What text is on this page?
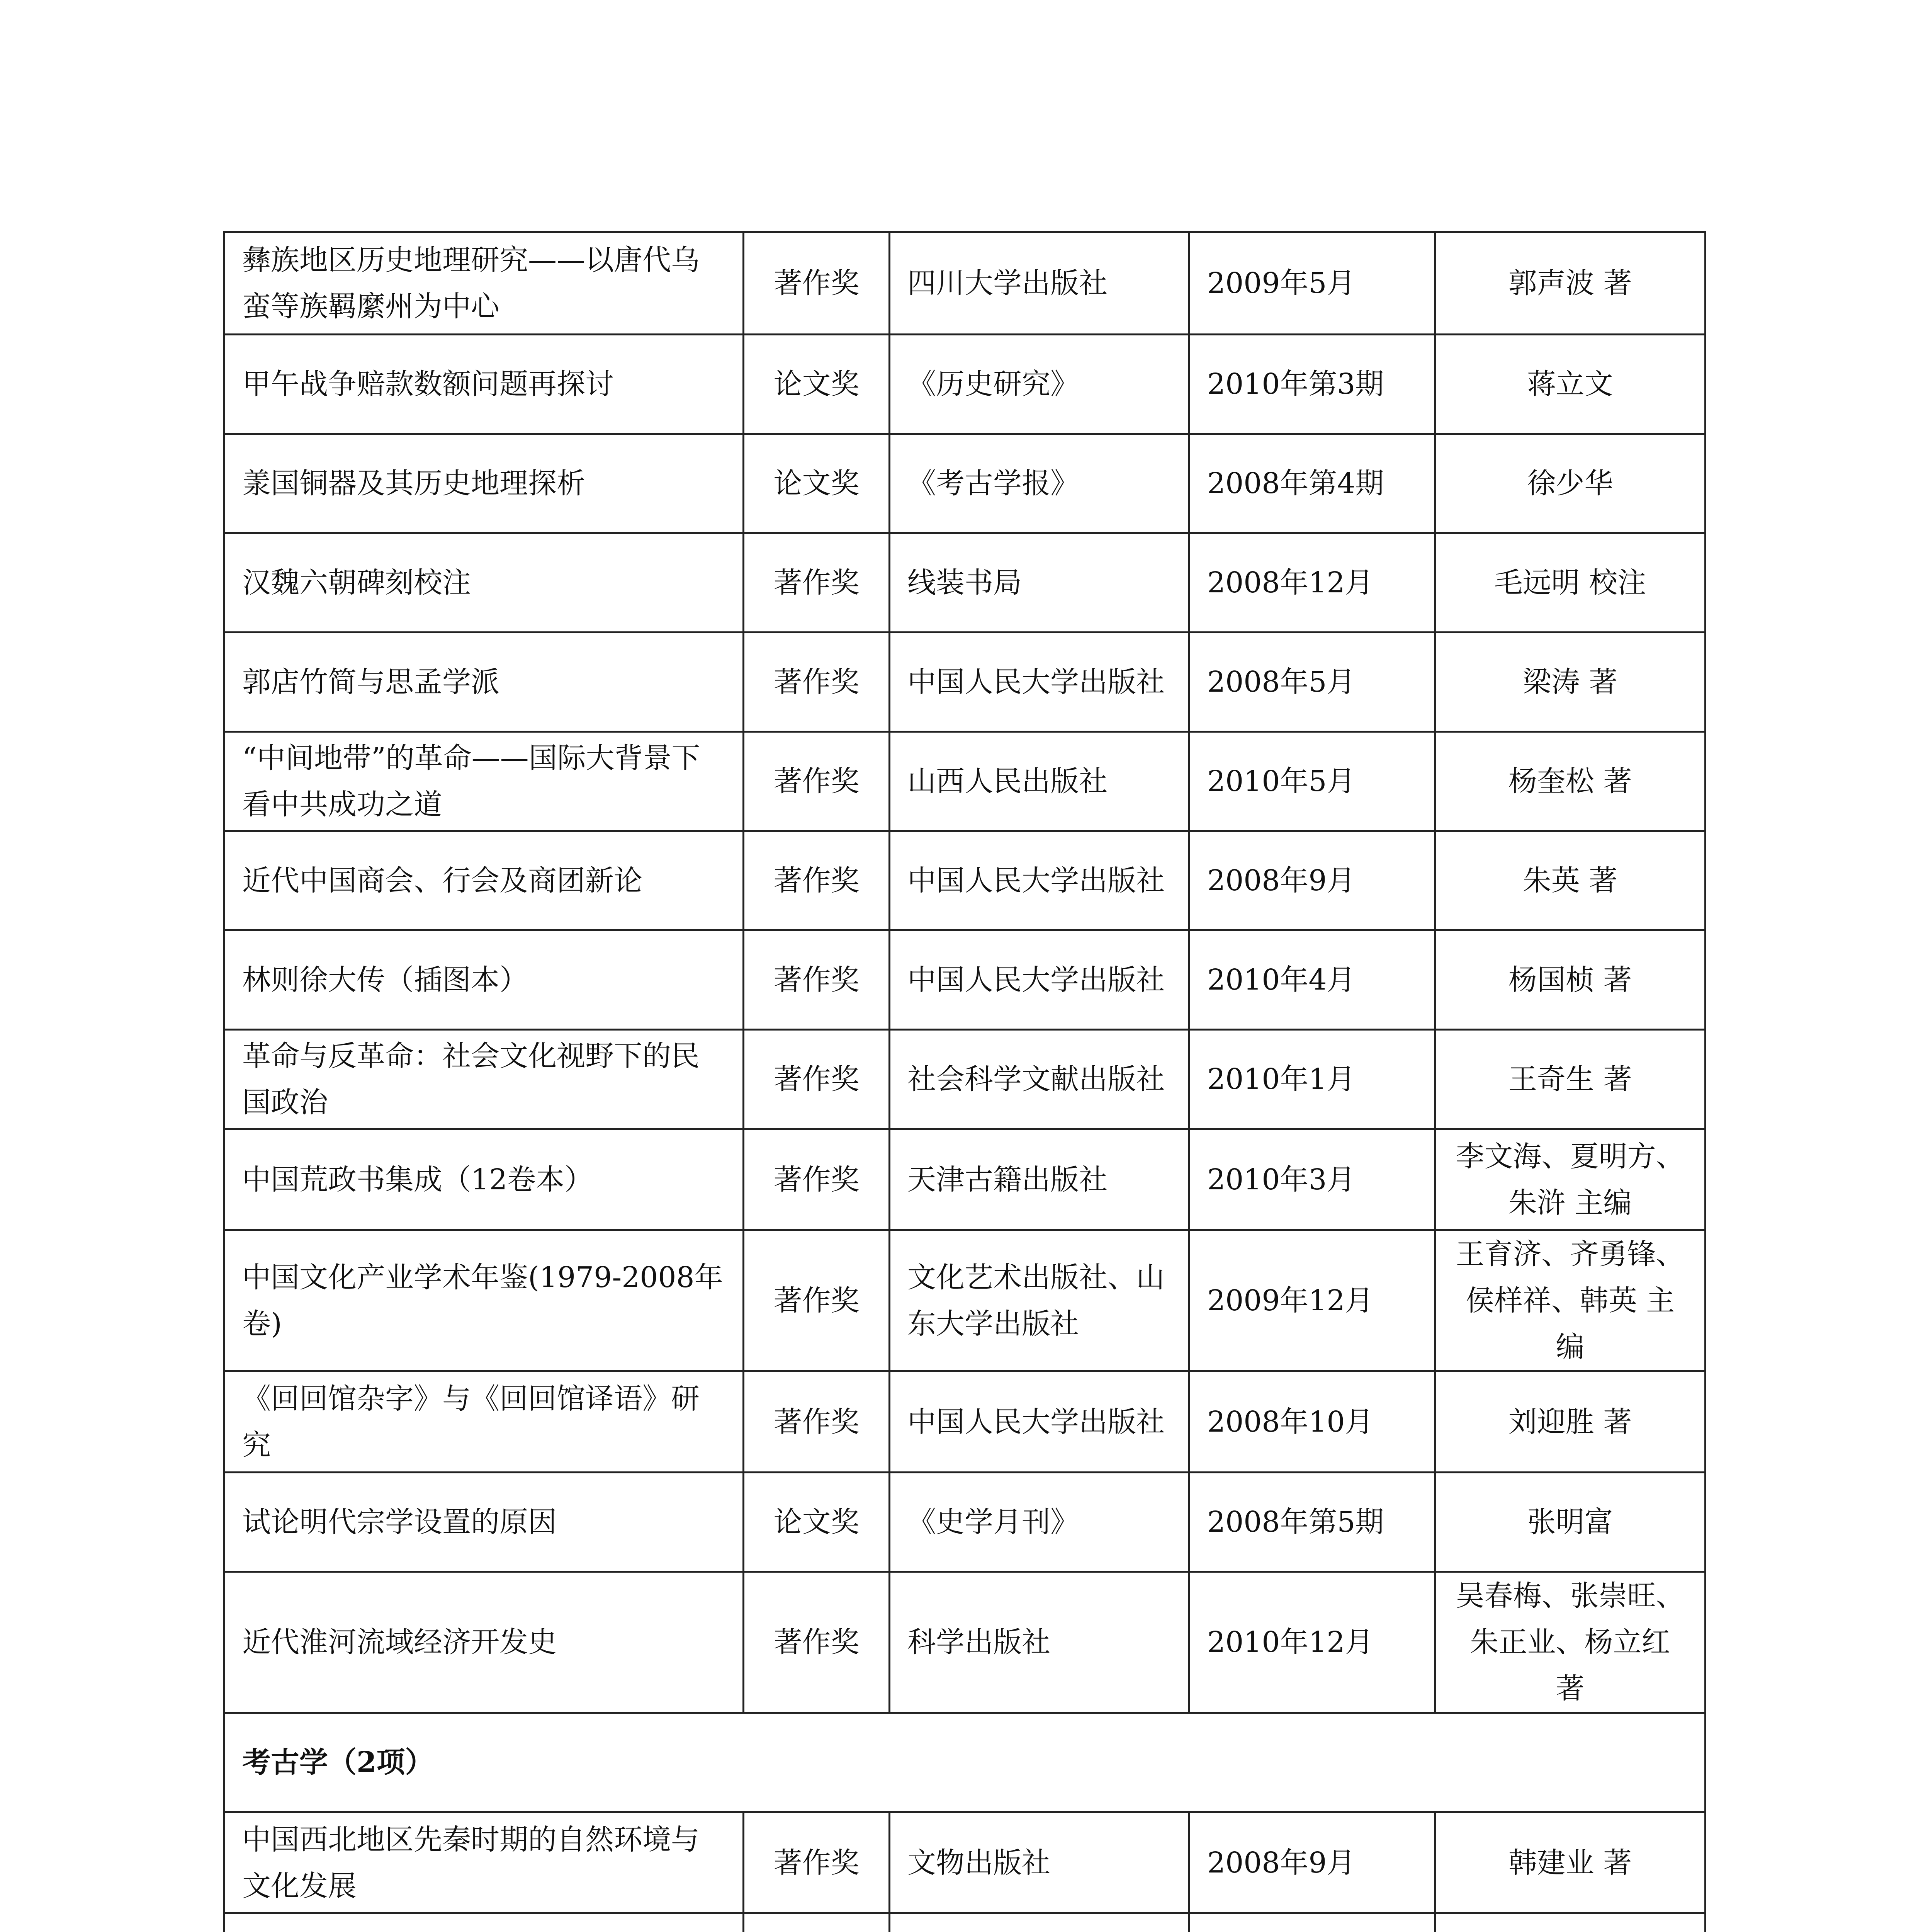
彝族地区历史地理研究——以唐代乌蛮等族羁縻州为中心	著作奖	四川大学出版社	2009年5月	郭声波 著
甲午战争赔款数额问题再探讨	论文奖	《历史研究》	2010年第3期	蒋立文
羕国铜器及其历史地理探析	论文奖	《考古学报》	2008年第4期	徐少华
汉魏六朝碑刻校注	著作奖	线装书局	2008年12月	毛远明 校注
郭店竹简与思孟学派	著作奖	中国人民大学出版社	2008年5月	梁涛 著
“中间地带”的革命——国际大背景下看中共成功之道	著作奖	山西人民出版社	2010年5月	杨奎松 著
近代中国商会、行会及商团新论	著作奖	中国人民大学出版社	2008年9月	朱英 著
林则徐大传（插图本）	著作奖	中国人民大学出版社	2010年4月	杨国桢 著
革命与反革命：社会文化视野下的民国政治	著作奖	社会科学文献出版社	2010年1月	王奇生 著
中国荒政书集成（12卷本）	著作奖	天津古籍出版社	2010年3月	李文海、夏明方、朱浒 主编
中国文化产业学术年鉴(1979-2008年卷)	著作奖	文化艺术出版社、山东大学出版社	2009年12月	王育济、齐勇锋、侯样祥、韩英 主编
《回回馆杂字》与《回回馆译语》研究	著作奖	中国人民大学出版社	2008年10月	刘迎胜 著
试论明代宗学设置的原因	论文奖	《史学月刊》	2008年第5期	张明富
近代淮河流域经济开发史	著作奖	科学出版社	2010年12月	吴春梅、张崇旺、朱正业、杨立红 著
考古学（2项）				
中国西北地区先秦时期的自然环境与文化发展	著作奖	文物出版社	2008年9月	韩建业 著
